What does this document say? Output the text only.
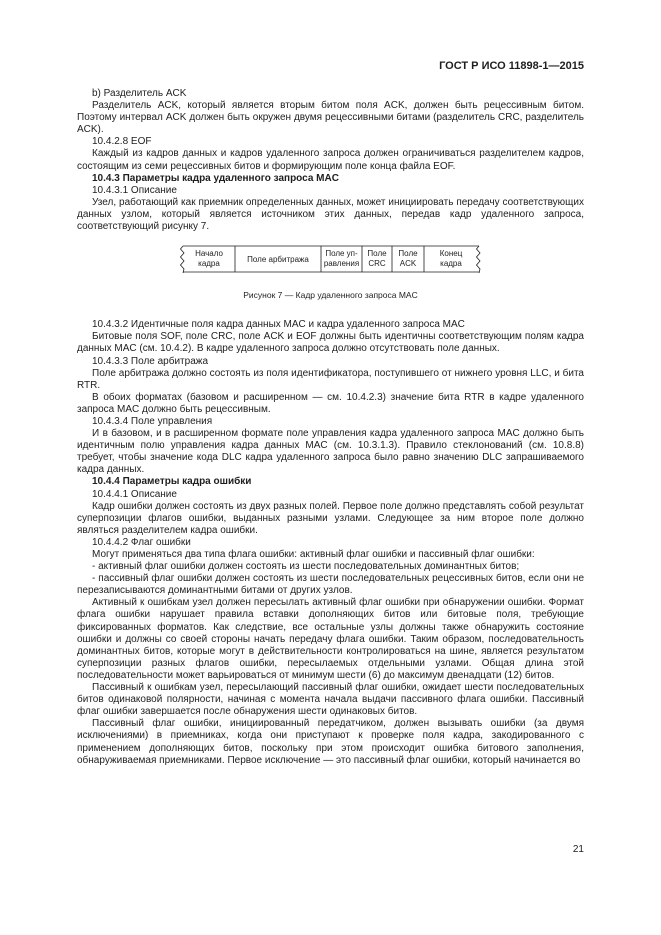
ГОСТ Р ИСО 11898-1—2015

b) Разделитель ACK

Разделитель ACK, который является вторым битом поля ACK, должен быть рецессивным битом. Поэтому интервал ACK должен быть окружен двумя рецессивными битами (разделитель CRC, разделитель ACK).

10.4.2.8 EOF

Каждый из кадров данных и кадров удаленного запроса должен ограничиваться разделителем кадров, состоящим из семи рецессивных битов и формирующим поле конца файла EOF.

10.4.3 Параметры кадра удаленного запроса MAC

10.4.3.1 Описание

Узел, работающий как приемник определенных данных, может инициировать передачу соответствующих данных узлом, который является источником этих данных, передав кадр удаленного запроса, соответствующий рисунку 7.

Начало
кадра	Поле арбитража
Поле уп-
равления
Поле
CRC
Поле
ACK
Конец
кадра

Рисунок 7 — Кадр удаленного запроса MAC

10.4.3.2 Идентичные поля кадра данных MAC и кадра удаленного запроса MAC

Битовые поля SOF, поле CRC, поле ACK и EOF должны быть идентичны соответствующим полям кадра данных MAC (см. 10.4.2). В кадре удаленного запроса должно отсутствовать поле данных.

10.4.3.3 Поле арбитража

Поле арбитража должно состоять из поля идентификатора, поступившего от нижнего уровня LLC, и бита RTR.

В обоих форматах (базовом и расширенном — см. 10.4.2.3) значение бита RTR в кадре удаленного запроса MAC должно быть рецессивным.

10.4.3.4 Поле управления

И в базовом, и в расширенном формате поле управления кадра удаленного запроса MAC должно быть идентичным полю управления кадра данных MAC (см. 10.3.1.3). Правило стеклонований (см. 10.8.8) требует, чтобы значение кода DLC кадра удаленного запроса было равно значению DLC запрашиваемого кадра данных.

10.4.4 Параметры кадра ошибки

10.4.4.1 Описание

Кадр ошибки должен состоять из двух разных полей. Первое поле должно представлять собой результат суперпозиции флагов ошибки, выданных разными узлами. Следующее за ним второе поле должно являться разделителем кадра ошибки.

10.4.4.2 Флаг ошибки

Могут применяться два типа флага ошибки: активный флаг ошибки и пассивный флаг ошибки:

- активный флаг ошибки должен состоять из шести последовательных доминантных битов;

- пассивный флаг ошибки должен состоять из шести последовательных рецессивных битов, если они не перезаписываются доминантными битами от других узлов.

Активный к ошибкам узел должен пересылать активный флаг ошибки при обнаружении ошибки. Формат флага ошибки нарушает правила вставки дополняющих битов или битовые поля, требующие фиксированных форматов. Как следствие, все остальные узлы должны также обнаружить состояние ошибки и должны со своей стороны начать передачу флага ошибки. Таким образом, последовательность доминантных битов, которые могут в действительности контролироваться на шине, является результатом суперпозиции разных флагов ошибки, пересылаемых отдельными узлами. Общая длина этой последовательности может варьироваться от минимум шести (6) до максимум двенадцати (12) битов.

Пассивный к ошибкам узел, пересылающий пассивный флаг ошибки, ожидает шести последовательных битов одинаковой полярности, начиная с момента начала выдачи пассивного флага ошибки. Пассивный флаг ошибки завершается после обнаружения шести одинаковых битов.

Пассивный флаг ошибки, инициированный передатчиком, должен вызывать ошибки (за двумя исключениями) в приемниках, когда они приступают к проверке поля кадра, закодированного с применением дополняющих битов, поскольку при этом происходит ошибка битового заполнения, обнаруживаемая приемниками. Первое исключение — это пассивный флаг ошибки, который начинается во

21
